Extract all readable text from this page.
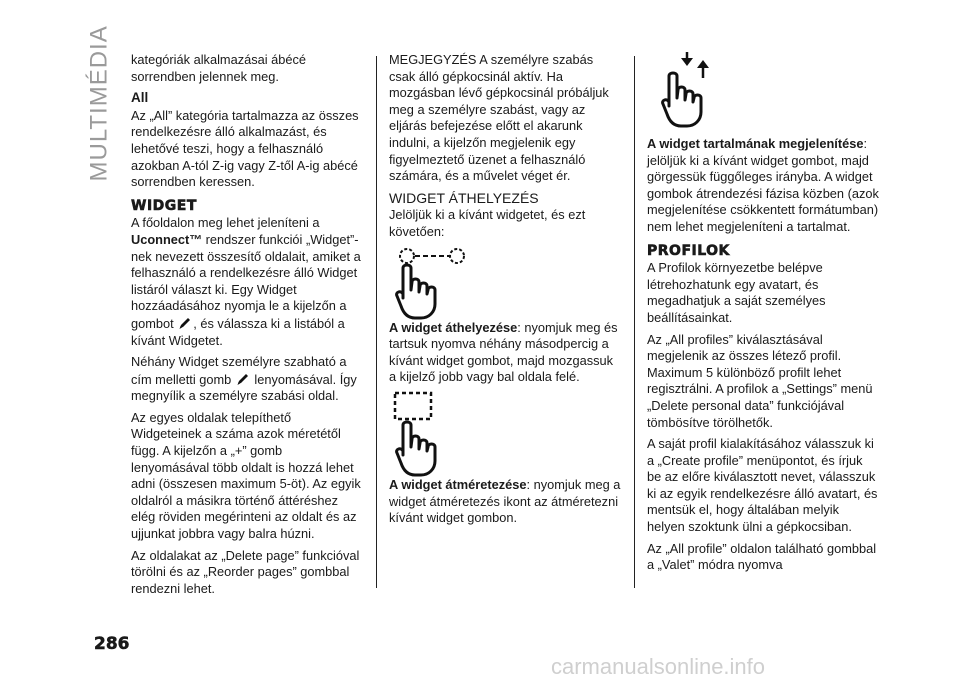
MULTIMÉDIA kategóriák alkalmazásai ábécé sorrendben jelennek meg.

All

Az „All” kategória tartalmazza az összes rendelkezésre álló alkalmazást, és lehetővé teszi, hogy a felhasználó azokban A-tól Z-ig vagy Z-től A-ig abécé sorrendben keressen.

WIDGET

A főoldalon meg lehet jeleníteni a Uconnect™ rendszer funkciói „Widget”-nek nevezett összesítő oldalait, amiket a felhasználó a rendelkezésre álló Widget listáról választ ki. Egy Widget hozzáadásához nyomja le a kijelzőn a gombot , és válassza ki a listából a kívánt Widgetet.

Néhány Widget személyre szabható a cím melletti gomb  lenyomásával. Így megnyílik a személyre szabási oldal.

Az egyes oldalak telepíthető Widgeteinek a száma azok méretétől függ. A kijelzőn a „+” gomb lenyomásával több oldalt is hozzá lehet adni (összesen maximum 5-öt). Az egyik oldalról a másikra történő áttéréshez elég röviden megérinteni az oldalt és az ujjunkat jobbra vagy balra húzni.

Az oldalakat az „Delete page” funkcióval törölni és az „Reorder pages” gombbal rendezni lehet.

MEGJEGYZÉS A személyre szabás csak álló gépkocsinál aktív. Ha mozgásban lévő gépkocsinál próbáljuk meg a személyre szabást, vagy az eljárás befejezése előtt el akarunk indulni, a kijelzőn megjelenik egy figyelmeztető üzenet a felhasználó számára, és a művelet véget ér.

WIDGET ÁTHELYEZÉS

Jelöljük ki a kívánt widgetet, és ezt követően:

A widget áthelyezése: nyomjuk meg és tartsuk nyomva néhány másodpercig a kívánt widget gombot, majd mozgassuk a kijelző jobb vagy bal oldala felé.

A widget átméretezése: nyomjuk meg a widget átméretezés ikont az átméretezni kívánt widget gombon.

A widget tartalmának megjelenítése: jelöljük ki a kívánt widget gombot, majd görgessük függőleges irányba. A widget gombok átrendezési fázisa közben (azok megjelenítése csökkentett formátumban) nem lehet megjeleníteni a tartalmat.

PROFILOK

A Profilok környezetbe belépve létrehozhatunk egy avatart, és megadhatjuk a saját személyes beállításainkat.

Az „All profiles” kiválasztásával megjelenik az összes létező profil. Maximum 5 különböző profilt lehet regisztrálni. A profilok a „Settings” menü „Delete personal data” funkciójával tömbösítve törölhetők.

A saját profil kialakításához válasszuk ki a „Create profile” menüpontot, és írjuk be az előre kiválasztott nevet, válasszuk ki az egyik rendelkezésre álló avatart, és mentsük el, hogy általában melyik helyen szoktunk ülni a gépkocsiban.

Az „All profile” oldalon található gombbal a „Valet” módra nyomva

286
carmanualsonline.info
